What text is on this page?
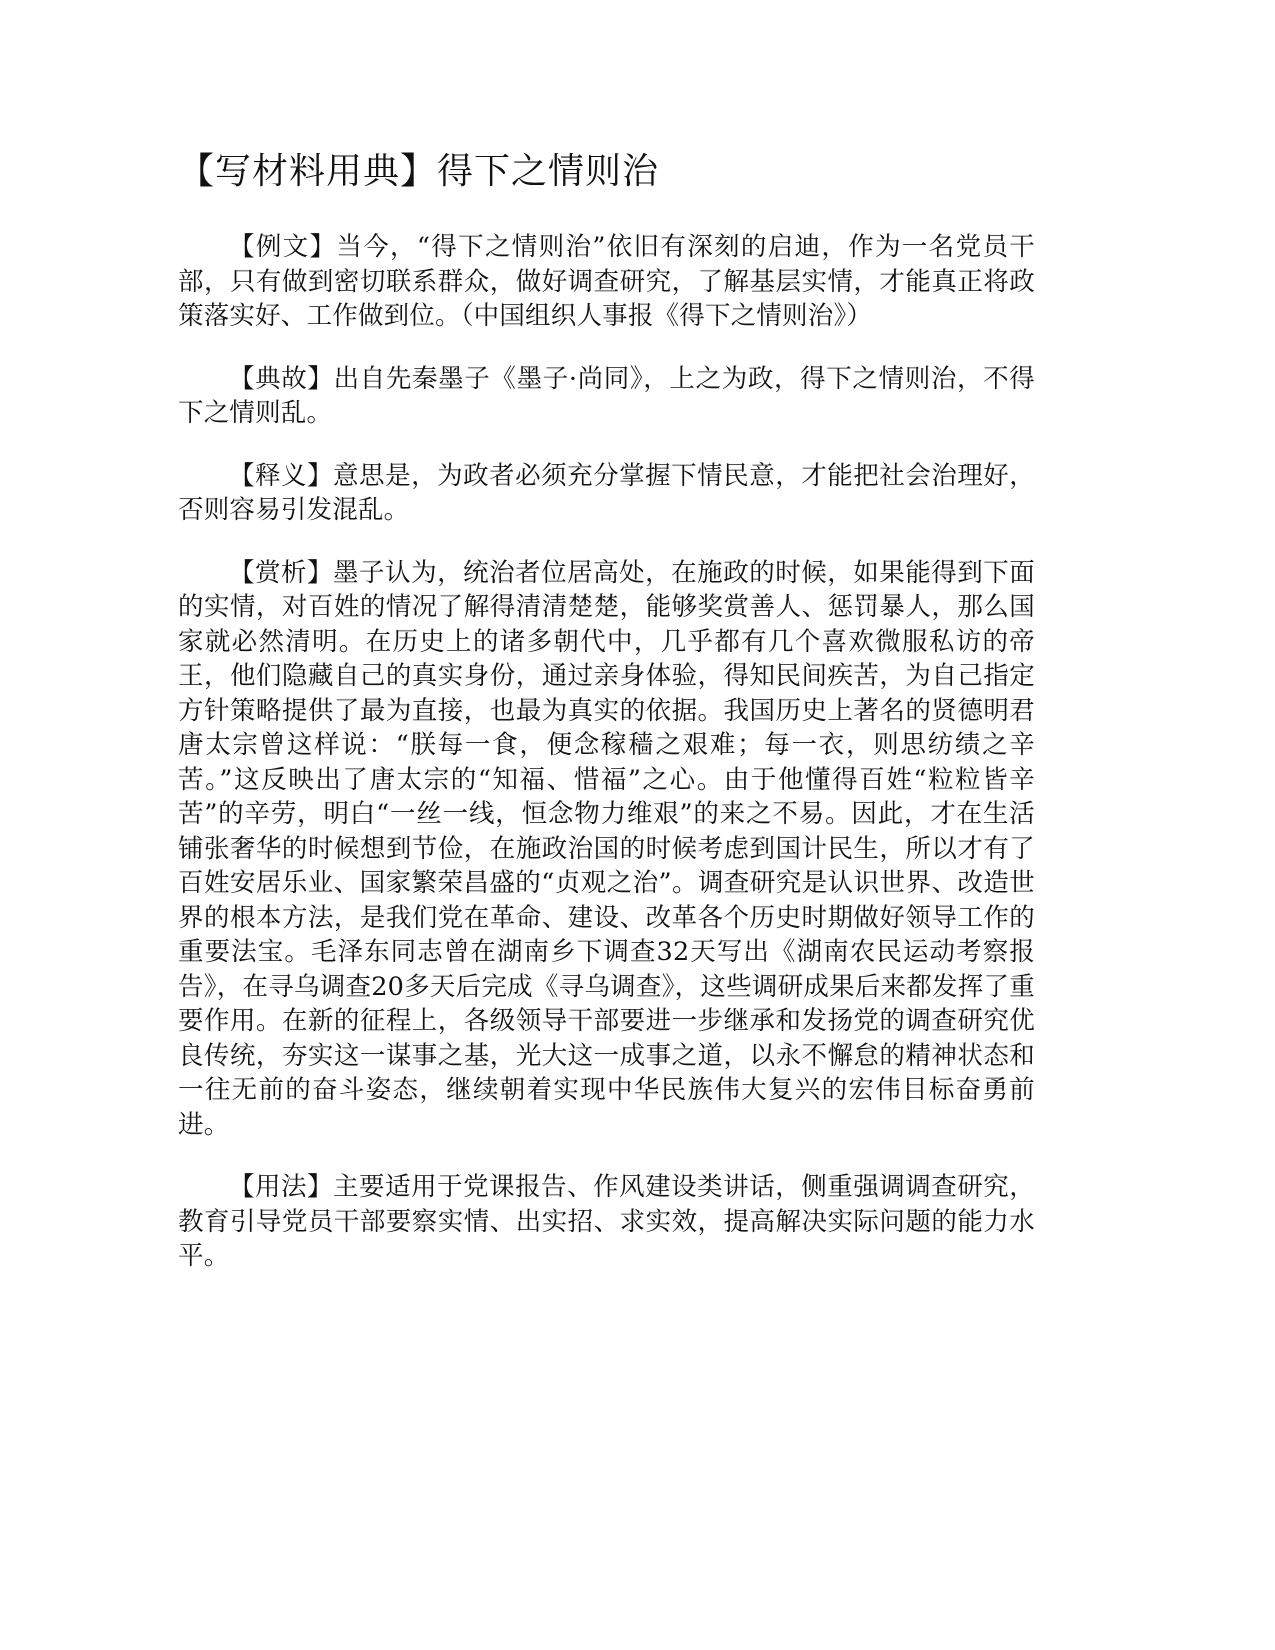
【写材料用典】得下之情则治

【例文】当今，“得下之情则治”依旧有深刻的启迪，作为一名党员干部，只有做到密切联系群众，做好调查研究，了解基层实情，才能真正将政策落实好、工作做到位。（中国组织人事报《得下之情则治》）

【典故】出自先秦墨子《墨子·尚同》，上之为政，得下之情则治，不得下之情则乱。

【释义】意思是，为政者必须充分掌握下情民意，才能把社会治理好，否则容易引发混乱。

【赏析】墨子认为，统治者位居高处，在施政的时候，如果能得到下面的实情，对百姓的情况了解得清清楚楚，能够奖赏善人、惩罚暴人，那么国家就必然清明。在历史上的诸多朝代中，几乎都有几个喜欢微服私访的帝王，他们隐藏自己的真实身份，通过亲身体验，得知民间疾苦，为自己指定方针策略提供了最为直接，也最为真实的依据。我国历史上著名的贤德明君唐太宗曾这样说：“朕每一食，便念稼穑之艰难；每一衣，则思纺绩之辛苦。”这反映出了唐太宗的“知福、惜福”之心。由于他懂得百姓“粒粒皆辛苦”的辛劳，明白“一丝一线，恒念物力维艰”的来之不易。因此，才在生活铺张奢华的时候想到节俭，在施政治国的时候考虑到国计民生，所以才有了百姓安居乐业、国家繁荣昌盛的“贞观之治”。调查研究是认识世界、改造世界的根本方法，是我们党在革命、建设、改革各个历史时期做好领导工作的重要法宝。毛泽东同志曾在湖南乡下调查32天写出《湖南农民运动考察报告》，在寻乌调查20多天后完成《寻乌调查》，这些调研成果后来都发挥了重要作用。在新的征程上，各级领导干部要进一步继承和发扬党的调查研究优良传统，夯实这一谋事之基，光大这一成事之道，以永不懈怠的精神状态和一往无前的奋斗姿态，继续朝着实现中华民族伟大复兴的宏伟目标奋勇前进。

【用法】主要适用于党课报告、作风建设类讲话，侧重强调调查研究，教育引导党员干部要察实情、出实招、求实效，提高解决实际问题的能力水平。
